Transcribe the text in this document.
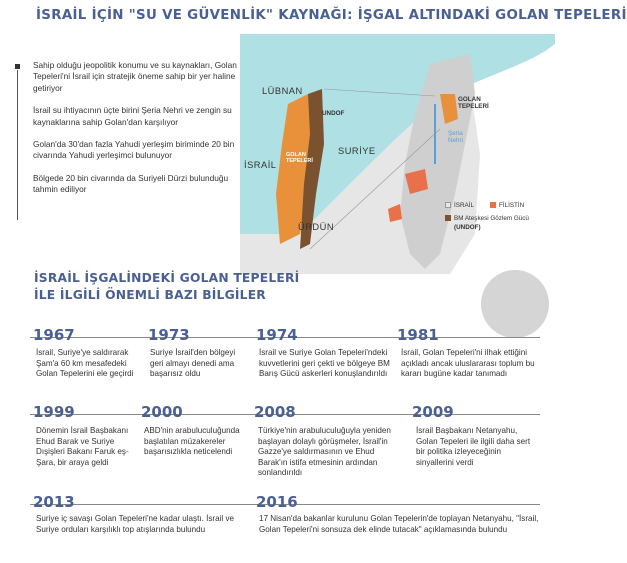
İSRAİL İÇİN "SU VE GÜVENLİK" KAYNAĞI: İŞGAL ALTINDAKİ GOLAN TEPELERİ
Sahip olduğu jeopolitik konumu ve su kaynakları, Golan Tepeleri'ni İsrail için stratejik öneme sahip bir yer haline getiriyor
İsrail su ihtiyacının üçte birini Şeria Nehri ve zengin su kaynaklarına sahip Golan'dan karşılıyor
Golan'da 30'dan fazla Yahudi yerleşim biriminde 20 bin civarında Yahudi yerleşimci bulunuyor
Bölgede 20 bin civarında da Suriyeli Dürzi bulunduğu tahmin ediliyor
LÜBNAN
UNDOF
GOLAN TEPELERİ
SURİYE
İSRAİL
ÜRDÜN
GOLAN TEPELERİ
Şeria Nehri
İSRAİL	FİLİSTİN
BM Ateşkesi Gözlem Gücü
(UNDOF)
İSRAİL İŞGALİNDEKİ GOLAN TEPELERİ
İLE İLGİLİ ÖNEMLİ BAZI BİLGİLER
1967
İsrail, Suriye'ye saldırarak Şam'a 60 km mesafedeki Golan Tepelerini ele geçirdi
1973
Suriye İsrail'den bölgeyi geri almayı denedi ama başarısız oldu
1974
İsrail ve Suriye Golan Tepeleri'ndeki kuvvetlerini geri çekti ve bölgeye BM Barış Gücü askerleri konuşlandırıldı
1981
İsrail, Golan Tepeleri'ni ilhak ettiğini açıkladı ancak uluslararası toplum bu kararı bugüne kadar tanımadı
1999
Dönemin İsrail Başbakanı Ehud Barak ve Suriye Dışişleri Bakanı Faruk eş-Şara, bir araya geldi
2000
ABD'nin arabuluculuğunda başlatılan müzakereler başarısızlıkla neticelendi
2008
Türkiye'nin arabuluculuğuyla yeniden başlayan dolaylı görüşmeler, İsrail'in Gazze'ye saldırmasının ve Ehud Barak'ın istifa etmesinin ardından sonlandırıldı
2009
İsrail Başbakanı Netanyahu, Golan Tepeleri ile ilgili daha sert bir politika izleyeceğinin sinyallerini verdi
2013
Suriye iç savaşı Golan Tepeleri'ne kadar ulaştı. İsrail ve Suriye orduları karşılıklı top atışlarında bulundu
2016
17 Nisan'da bakanlar kurulunu Golan Tepelerin'de toplayan Netanyahu, "İsrail, Golan Tepeleri'ni sonsuza dek elinde tutacak" açıklamasında bulundu
